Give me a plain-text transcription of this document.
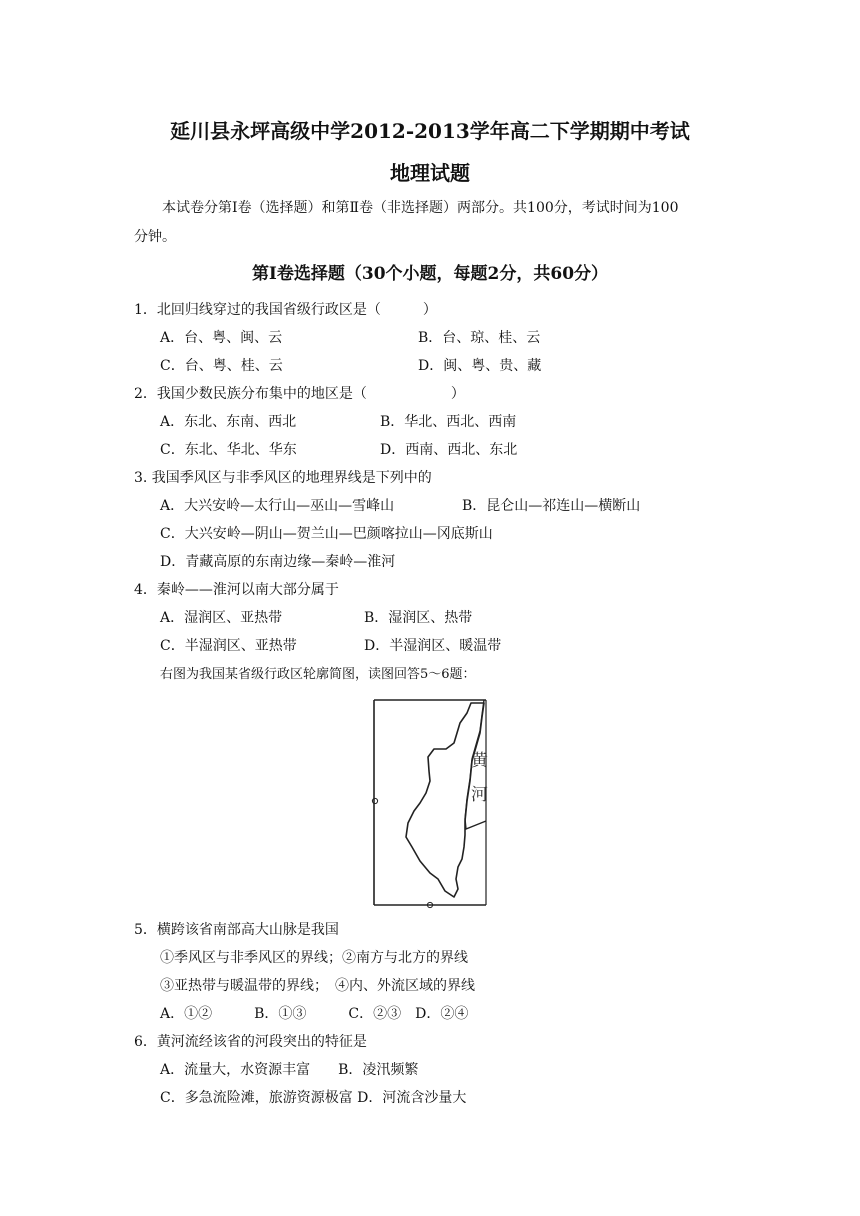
延川县永坪高级中学2012-2013学年高二下学期期中考试
地理试题
本试卷分第Ⅰ卷（选择题）和第Ⅱ卷（非选择题）两部分。共100分，考试时间为100
分钟。
第Ⅰ卷选择题（30个小题，每题2分，共60分）
1．北回归线穿过的我国省级行政区是（　　　）
A．台、粤、闽、云	B．台、琼、桂、云
C．台、粤、桂、云	D．闽、粤、贵、藏
2．我国少数民族分布集中的地区是（　　　　　　）
A．东北、东南、西北	B．华北、西北、西南
C．东北、华北、华东	D．西南、西北、东北
3. 我国季风区与非季风区的地理界线是下列中的
A．大兴安岭—太行山—巫山—雪峰山	B．昆仑山—祁连山—横断山
C．大兴安岭—阴山—贺兰山—巴颜喀拉山—冈底斯山
D．青藏高原的东南边缘—秦岭—淮河
4．秦岭——淮河以南大部分属于
A．湿润区、亚热带	B．湿润区、热带
C．半湿润区、亚热带	D．半湿润区、暖温带
右图为我国某省级行政区轮廓简图，读图回答5～6题：
黄
河
5．横跨该省南部高大山脉是我国
①季风区与非季风区的界线；②南方与北方的界线
③亚热带与暖温带的界线；　④内、外流区域的界线
A．①②　　　B．①③　　　C．②③　D．②④
6．黄河流经该省的河段突出的特征是
A．流量大，水资源丰富　　B．凌汛频繁
C．多急流险滩，旅游资源极富 D．河流含沙量大
